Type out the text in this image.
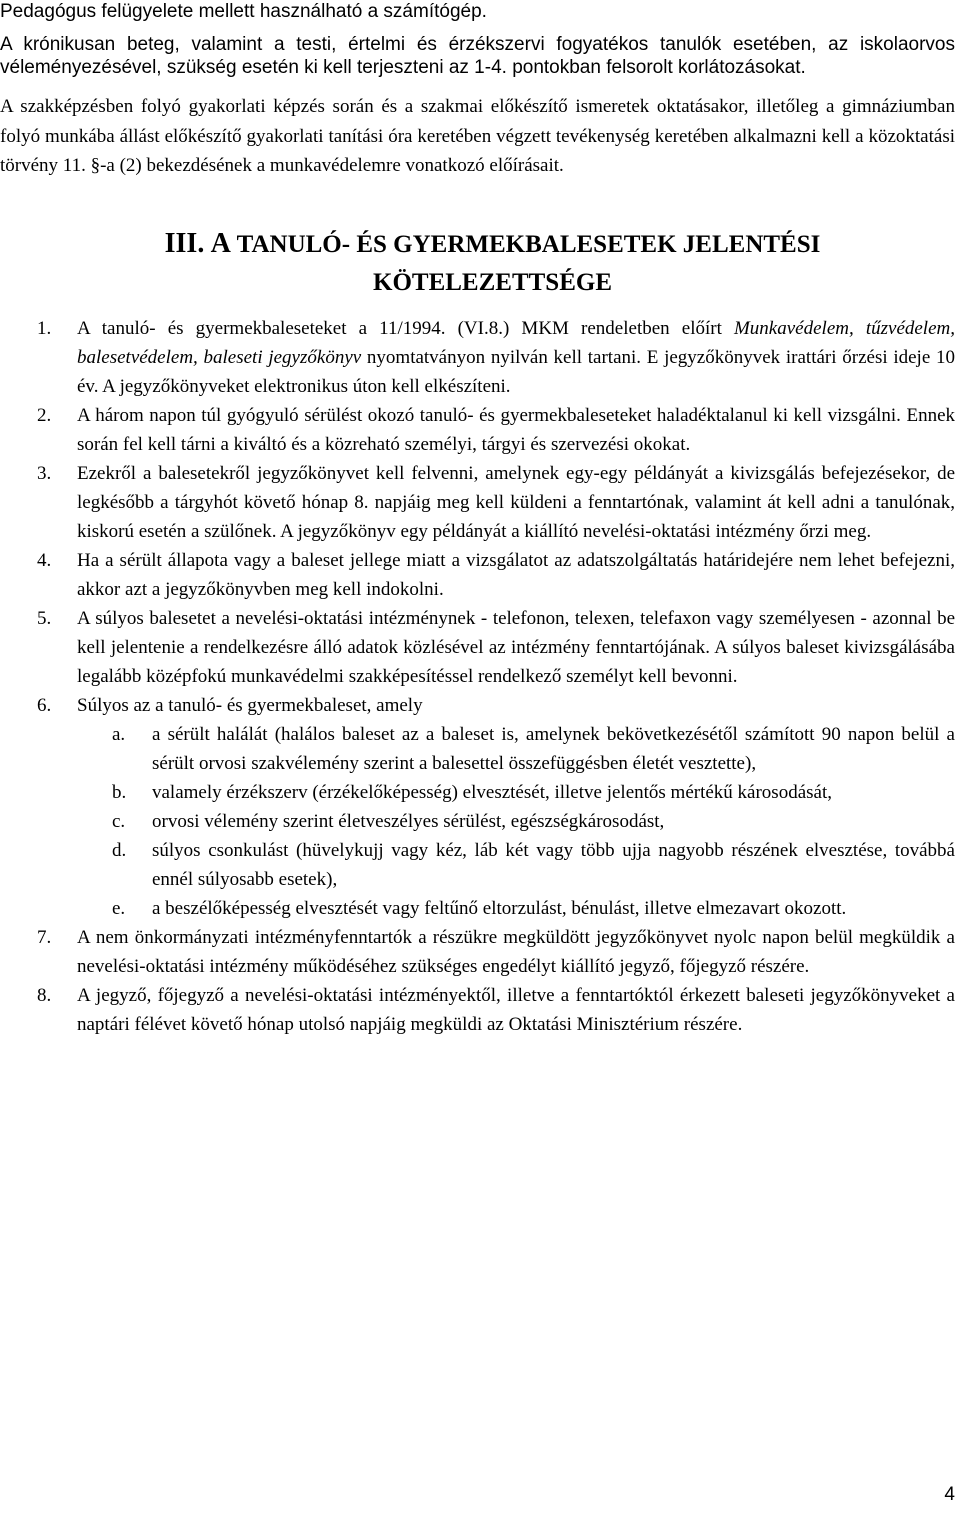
Pedagógus felügyelete mellett használható a számítógép.

A krónikusan beteg, valamint a testi, értelmi és érzékszervi fogyatékos tanulók esetében, az iskolaorvos véleményezésével, szükség esetén ki kell terjeszteni az 1-4. pontokban felsorolt korlátozásokat.

A szakképzésben folyó gyakorlati képzés során és a szakmai előkészítő ismeretek oktatásakor, illetőleg a gimnáziumban folyó munkába állást előkészítő gyakorlati tanítási óra keretében végzett tevékenység keretében alkalmazni kell a közoktatási törvény 11. §-a (2) bekezdésének a munkavédelemre vonatkozó előírásait.

III. A TANULÓ- ÉS GYERMEKBALESETEK JELENTÉSI
KÖTELEZETTSÉGE
1. A tanuló- és gyermekbaleseteket a 11/1994. (VI.8.) MKM rendeletben előírt Munkavédelem, tűzvédelem, balesetvédelem, baleseti jegyzőkönyv nyomtatványon nyilván kell tartani. E jegyzőkönyvek irattári őrzési ideje 10 év. A jegyzőkönyveket elektronikus úton kell elkészíteni.
2. A három napon túl gyógyuló sérülést okozó tanuló- és gyermekbaleseteket haladéktalanul ki kell vizsgálni. Ennek során fel kell tárni a kiváltó és a közreható személyi, tárgyi és szervezési okokat.
3. Ezekről a balesetekről jegyzőkönyvet kell felvenni, amelynek egy-egy példányát a kivizsgálás befejezésekor, de legkésőbb a tárgyhót követő hónap 8. napjáig meg kell küldeni a fenntartónak, valamint át kell adni a tanulónak, kiskorú esetén a szülőnek. A jegyzőkönyv egy példányát a kiállító nevelési-oktatási intézmény őrzi meg.
4. Ha a sérült állapota vagy a baleset jellege miatt a vizsgálatot az adatszolgáltatás határidejére nem lehet befejezni, akkor azt a jegyzőkönyvben meg kell indokolni.
5. A súlyos balesetet a nevelési-oktatási intézménynek - telefonon, telexen, telefaxon vagy személyesen - azonnal be kell jelentenie a rendelkezésre álló adatok közlésével az intézmény fenntartójának. A súlyos baleset kivizsgálásába legalább középfokú munkavédelmi szakképesítéssel rendelkező személyt kell bevonni.
6. Súlyos az a tanuló- és gyermekbaleset, amely
a. a sérült halálát (halálos baleset az a baleset is, amelynek bekövetkezésétől számított 90 napon belül a sérült orvosi szakvélemény szerint a balesettel összefüggésben életét vesztette),
b. valamely érzékszerv (érzékelőképesség) elvesztését, illetve jelentős mértékű károsodását,
c. orvosi vélemény szerint életveszélyes sérülést, egészségkárosodást,
d. súlyos csonkulást (hüvelykujj vagy kéz, láb két vagy több ujja nagyobb részének elvesztése, továbbá ennél súlyosabb esetek),
e. a beszélőképesség elvesztését vagy feltűnő eltorzulást, bénulást, illetve elmezavart okozott.
7. A nem önkormányzati intézményfenntartók a részükre megküldött jegyzőkönyvet nyolc napon belül megküldik a nevelési-oktatási intézmény működéséhez szükséges engedélyt kiállító jegyző, főjegyző részére.
8. A jegyző, főjegyző a nevelési-oktatási intézményektől, illetve a fenntartóktól érkezett baleseti jegyzőkönyveket a naptári félévet követő hónap utolsó napjáig megküldi az Oktatási Minisztérium részére.
4
